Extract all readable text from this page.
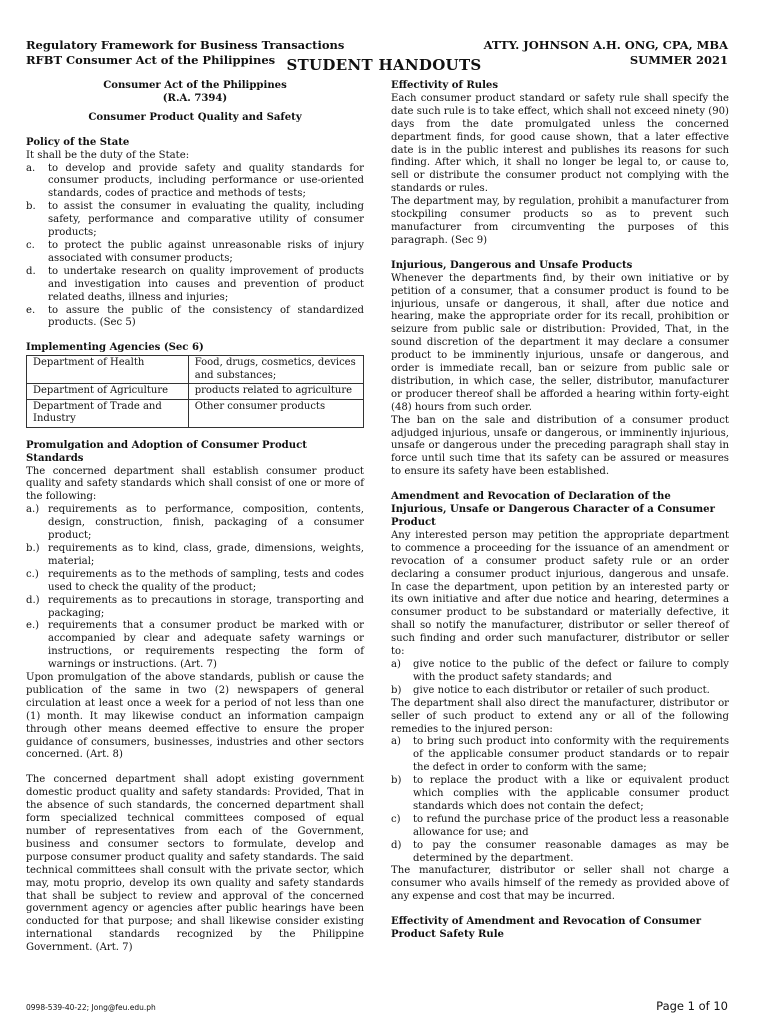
Regulatory Framework for Business Transactions
RFBT Consumer Act of the Philippines
ATTY. JOHNSON A.H. ONG, CPA, MBA
SUMMER 2021
STUDENT HANDOUTS
Consumer Act of the Philippines
(R.A. 7394)
Consumer Product Quality and Safety
Policy of the State

It shall be the duty of the State:

a.	to develop and provide safety and quality standards for consumer products, including performance or use-oriented standards, codes of practice and methods of tests;
b.	to assist the consumer in evaluating the quality, including safety, performance and comparative utility of consumer products;
c.	to protect the public against unreasonable risks of injury associated with consumer products;
d.	to undertake research on quality improvement of products and investigation into causes and prevention of product related deaths, illness and injuries;
e.	to assure the public of the consistency of standardized products. (Sec 5)
Implementing Agencies (Sec 6)
Department of Health	Food, drugs, cosmetics, devices and substances;
Department of Agriculture	products related to agriculture
Department of Trade and Industry	Other consumer products
Promulgation and Adoption of Consumer Product Standards

The concerned department shall establish consumer product quality and safety standards which shall consist of one or more of the following:

a.) requirements as to performance, composition, contents, design, construction, finish, packaging of a consumer product;
b.) requirements as to kind, class, grade, dimensions, weights, material;
c.) requirements as to the methods of sampling, tests and codes used to check the quality of the product;
d.) requirements as to precautions in storage, transporting and packaging;
e.) requirements that a consumer product be marked with or accompanied by clear and adequate safety warnings or instructions, or requirements respecting the form of warnings or instructions. (Art. 7)

Upon promulgation of the above standards, publish or cause the publication of the same in two (2) newspapers of general circulation at least once a week for a period of not less than one (1) month. It may likewise conduct an information campaign through other means deemed effective to ensure the proper guidance of consumers, businesses, industries and other sectors concerned. (Art. 8)

The concerned department shall adopt existing government domestic product quality and safety standards: Provided, That in the absence of such standards, the concerned department shall form specialized technical committees composed of equal number of representatives from each of the Government, business and consumer sectors to formulate, develop and purpose consumer product quality and safety standards. The said technical committees shall consult with the private sector, which may, motu proprio, develop its own quality and safety standards that shall be subject to review and approval of the concerned government agency or agencies after public hearings have been conducted for that purpose; and shall likewise consider existing international standards recognized by the Philippine Government. (Art. 7)

Effectivity of Rules

Each consumer product standard or safety rule shall specify the date such rule is to take effect, which shall not exceed ninety (90) days from the date promulgated unless the concerned department finds, for good cause shown, that a later effective date is in the public interest and publishes its reasons for such finding. After which, it shall no longer be legal to, or cause to, sell or distribute the consumer product not complying with the standards or rules.

The department may, by regulation, prohibit a manufacturer from stockpiling consumer products so as to prevent such manufacturer from circumventing the purposes of this paragraph. (Sec 9)

Injurious, Dangerous and Unsafe Products

Whenever the departments find, by their own initiative or by petition of a consumer, that a consumer product is found to be injurious, unsafe or dangerous, it shall, after due notice and hearing, make the appropriate order for its recall, prohibition or seizure from public sale or distribution: Provided, That, in the sound discretion of the department it may declare a consumer product to be imminently injurious, unsafe or dangerous, and order is immediate recall, ban or seizure from public sale or distribution, in which case, the seller, distributor, manufacturer or producer thereof shall be afforded a hearing within forty-eight (48) hours from such order.

The ban on the sale and distribution of a consumer product adjudged injurious, unsafe or dangerous, or imminently injurious, unsafe or dangerous under the preceding paragraph shall stay in force until such time that its safety can be assured or measures to ensure its safety have been established.

Amendment and Revocation of Declaration of the Injurious, Unsafe or Dangerous Character of a Consumer Product

Any interested person may petition the appropriate department to commence a proceeding for the issuance of an amendment or revocation of a consumer product safety rule or an order declaring a consumer product injurious, dangerous and unsafe. In case the department, upon petition by an interested party or its own initiative and after due notice and hearing, determines a consumer product to be substandard or materially defective, it shall so notify the manufacturer, distributor or seller thereof of such finding and order such manufacturer, distributor or seller to:

a)	give notice to the public of the defect or failure to comply with the product safety standards; and
b)	give notice to each distributor or retailer of such product.

The department shall also direct the manufacturer, distributor or seller of such product to extend any or all of the following remedies to the injured person:

a)	to bring such product into conformity with the requirements of the applicable consumer product standards or to repair the defect in order to conform with the same;
b)	to replace the product with a like or equivalent product which complies with the applicable consumer product standards which does not contain the defect;
c)	to refund the purchase price of the product less a reasonable allowance for use; and
d)	to pay the consumer reasonable damages as may be determined by the department.

The manufacturer, distributor or seller shall not charge a consumer who avails himself of the remedy as provided above of any expense and cost that may be incurred.

Effectivity of Amendment and Revocation of Consumer Product Safety Rule
0998-539-40-22; Jong@feu.edu.ph	Page 1 of 10
